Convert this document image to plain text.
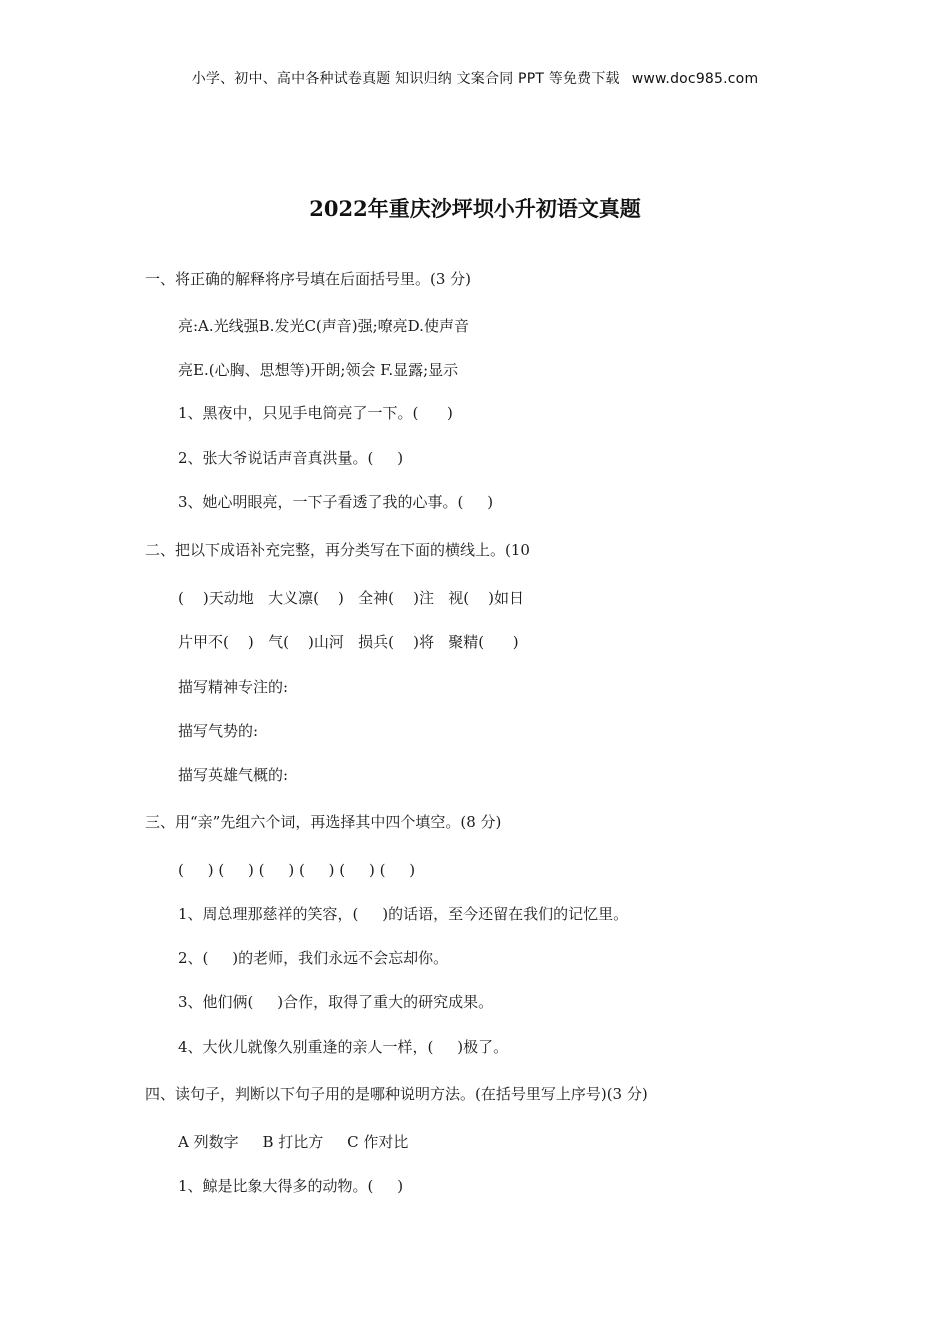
小学、初中、高中各种试卷真题 知识归纳 文案合同 PPT 等免费下载 www.doc985.com
2022年重庆沙坪坝小升初语文真题
一、将正确的解释将序号填在后面括号里。(3 分)
亮:A.光线强B.发光C(声音)强;嘹亮D.使声音
亮E.(心胸、思想等)开朗;领会 F.显露;显示
1、黑夜中，只见手电筒亮了一下。(      )
2、张大爷说话声音真洪量。(     )
3、她心明眼亮，一下子看透了我的心事。(     )
二、把以下成语补充完整，再分类写在下面的横线上。(10
(    )天动地   大义凛(    )   全神(    )注   视(    )如日
片甲不(    )   气(    )山河   损兵(    )将   聚精(      )
描写精神专注的:
描写气势的:
描写英雄气概的:
三、用“亲”先组六个词，再选择其中四个填空。(8 分)
(     ) (     ) (     ) (     ) (     ) (     )
1、周总理那慈祥的笑容，(     )的话语，至今还留在我们的记忆里。
2、(     )的老师，我们永远不会忘却你。
3、他们俩(     )合作，取得了重大的研究成果。
4、大伙儿就像久别重逢的亲人一样，(     )极了。
四、读句子，判断以下句子用的是哪种说明方法。(在括号里写上序号)(3 分)
A 列数字     B 打比方     C 作对比
1、鲸是比象大得多的动物。(     )
